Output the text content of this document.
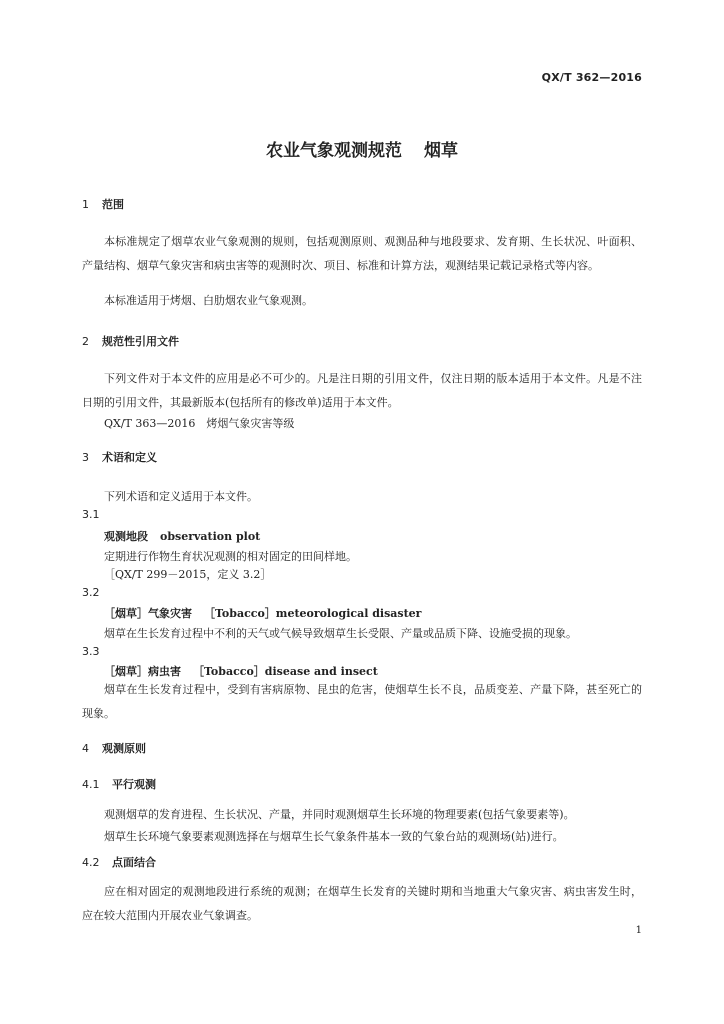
QX/T 362—2016
农业气象观测规范 烟草
1 范围

本标准规定了烟草农业气象观测的规则，包括观测原则、观测品种与地段要求、发育期、生长状况、叶面积、产量结构、烟草气象灾害和病虫害等的观测时次、项目、标准和计算方法，观测结果记载记录格式等内容。

本标准适用于烤烟、白肋烟农业气象观测。

2 规范性引用文件

下列文件对于本文件的应用是必不可少的。凡是注日期的引用文件，仅注日期的版本适用于本文件。凡是不注日期的引用文件，其最新版本(包括所有的修改单)适用于本文件。

QX/T 363—2016　烤烟气象灾害等级
3 术语和定义
下列术语和定义适用于本文件。
3.1
观测地段 observation plot
定期进行作物生育状况观测的相对固定的田间样地。
［QX/T 299－2015，定义 3.2］
3.2
［烟草］气象灾害 ［Tobacco］meteorological disaster
烟草在生长发育过程中不利的天气或气候导致烟草生长受限、产量或品质下降、设施受损的现象。
3.3
［烟草］病虫害 ［Tobacco］disease and insect

烟草在生长发育过程中，受到有害病原物、昆虫的危害，使烟草生长不良，品质变差、产量下降，甚至死亡的现象。

4 观测原则
4.1 平行观测
观测烟草的发育进程、生长状况、产量，并同时观测烟草生长环境的物理要素(包括气象要素等)。
烟草生长环境气象要素观测选择在与烟草生长气象条件基本一致的气象台站的观测场(站)进行。
4.2 点面结合

应在相对固定的观测地段进行系统的观测；在烟草生长发育的关键时期和当地重大气象灾害、病虫害发生时，应在较大范围内开展农业气象调查。

1
